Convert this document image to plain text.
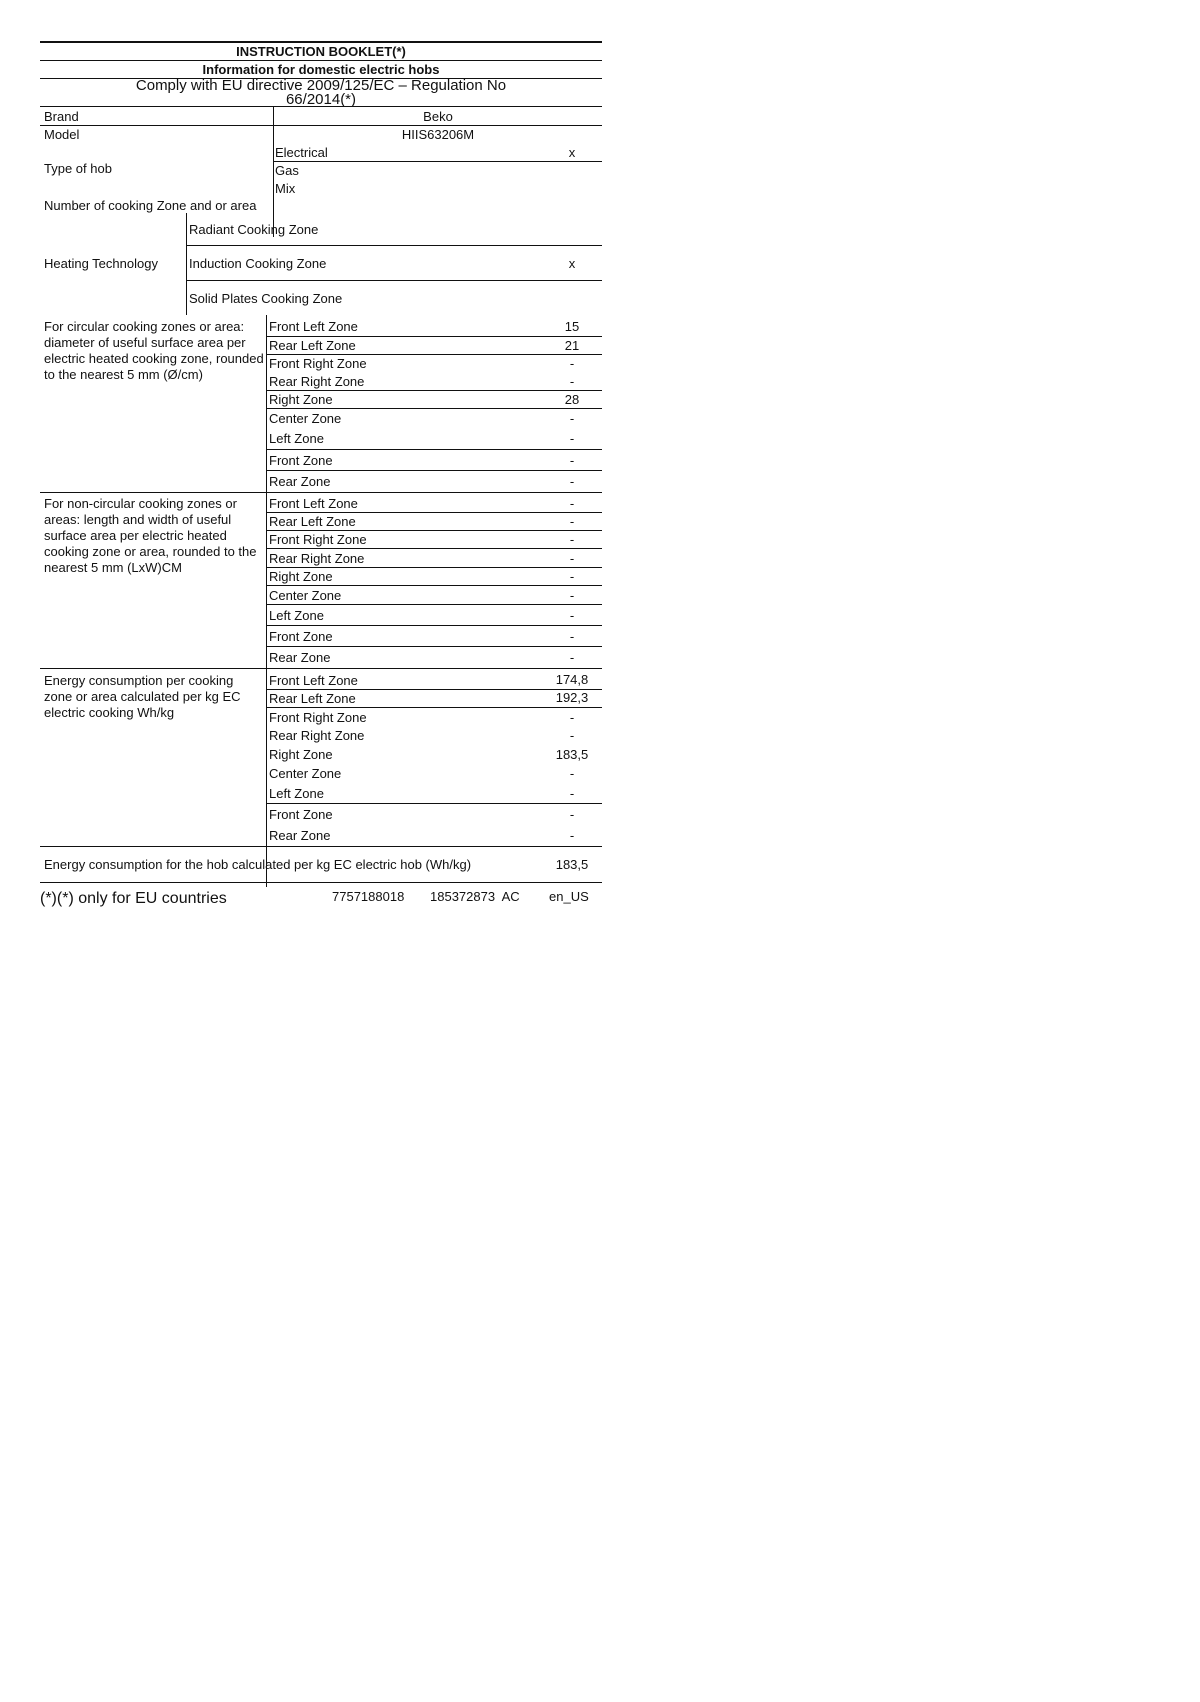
INSTRUCTION BOOKLET(*)
Information for domestic electric hobs
Comply with EU directive 2009/125/EC – Regulation No
66/2014(*)
Brand	Beko
Model	HIIS63206M
Type of hob
Electrical	x
Gas
Mix
Number of cooking Zone and or area
Heating Technology
Radiant Cooking Zone
Induction Cooking Zone	x
Solid Plates Cooking Zone
For circular cooking zones or area: diameter of useful surface area per electric heated cooking zone, rounded to the nearest 5 mm (Ø/cm)
Front Left Zone	15
Rear Left Zone	21
Front Right Zone	-
Rear Right Zone	-
Right Zone	28
Center Zone	-
Left Zone	-
Front Zone	-
Rear Zone	-
For non-circular cooking zones or areas: length and width of useful surface area per electric heated cooking zone or area, rounded to the nearest 5 mm (LxW)CM
Front Left Zone	-
Rear Left Zone	-
Front Right Zone	-
Rear Right Zone	-
Right Zone	-
Center Zone	-
Left Zone	-
Front Zone	-
Rear Zone	-
Energy consumption per cooking zone or area calculated per kg EC electric cooking Wh/kg
Front Left Zone	174,8
Rear Left Zone	192,3
Front Right Zone	-
Rear Right Zone	-
Right Zone	183,5
Center Zone	-
Left Zone	-
Front Zone	-
Rear Zone	-
Energy consumption for the hob calculated per kg EC electric hob (Wh/kg)	183,5
(*)(*) only for EU countries	7757188018 185372873  AC en_US
